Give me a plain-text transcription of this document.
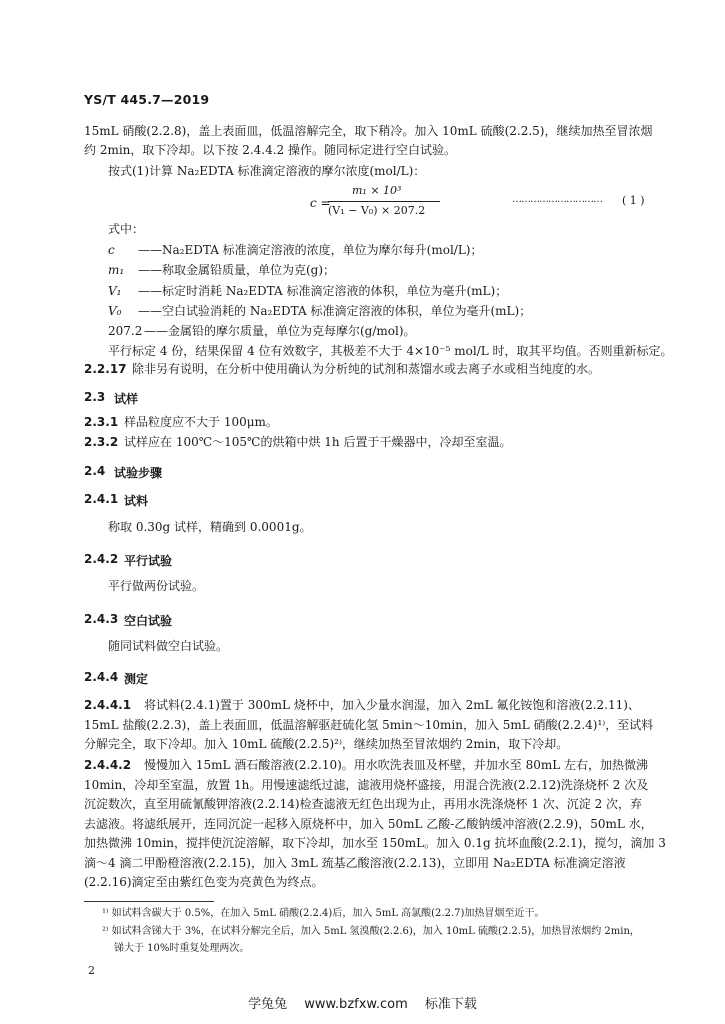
YS/T 445.7—2019
15mL 硝酸(2.2.8)，盖上表面皿，低温溶解完全，取下稍冷。加入 10mL 硫酸(2.2.5)，继续加热至冒浓烟
约 2min，取下冷却。以下按 2.4.4.2 操作。随同标定进行空白试验。
按式(1)计算 Na₂EDTA 标准滴定溶液的摩尔浓度(mol/L)：
c =
m₁ × 10³
(V₁ − V₀) × 207.2
………………………… ( 1 )
式中：
c ——Na₂EDTA 标准滴定溶液的浓度，单位为摩尔每升(mol/L)；
m₁ ——称取金属铅质量，单位为克(g)；
V₁ ——标定时消耗 Na₂EDTA 标准滴定溶液的体积，单位为毫升(mL)；
V₀ ——空白试验消耗的 Na₂EDTA 标准滴定溶液的体积，单位为毫升(mL)；
207.2 ——金属铅的摩尔质量，单位为克每摩尔(g/mol)。
平行标定 4 份，结果保留 4 位有效数字，其极差不大于 4×10⁻⁵ mol/L 时，取其平均值。否则重新标定。
2.2.17 除非另有说明，在分析中使用确认为分析纯的试剂和蒸馏水或去离子水或相当纯度的水。
2.3 试样
2.3.1 样品粒度应不大于 100μm。
2.3.2 试样应在 100℃～105℃的烘箱中烘 1h 后置于干燥器中，冷却至室温。
2.4 试验步骤
2.4.1 试料
称取 0.30g 试样，精确到 0.0001g。
2.4.2 平行试验
平行做两份试验。
2.4.3 空白试验
随同试料做空白试验。
2.4.4 测定
2.4.4.1 将试料(2.4.1)置于 300mL 烧杯中，加入少量水润湿，加入 2mL 氟化铵饱和溶液(2.2.11)、
15mL 盐酸(2.2.3)，盖上表面皿，低温溶解驱赶硫化氢 5min～10min，加入 5mL 硝酸(2.2.4)¹⁾，至试料
分解完全，取下冷却。加入 10mL 硫酸(2.2.5)²⁾，继续加热至冒浓烟约 2min，取下冷却。
2.4.4.2 慢慢加入 15mL 酒石酸溶液(2.2.10)。用水吹洗表皿及杯壁，并加水至 80mL 左右，加热微沸
10min，冷却至室温，放置 1h。用慢速滤纸过滤，滤液用烧杯盛接，用混合洗液(2.2.12)洗涤烧杯 2 次及
沉淀数次，直至用硫氰酸钾溶液(2.2.14)检查滤液无红色出现为止，再用水洗涤烧杯 1 次、沉淀 2 次，弃
去滤液。将滤纸展开，连同沉淀一起移入原烧杯中，加入 50mL 乙酸-乙酸钠缓冲溶液(2.2.9)，50mL 水，
加热微沸 10min，搅拌使沉淀溶解，取下冷却，加水至 150mL。加入 0.1g 抗坏血酸(2.2.1)，搅匀，滴加 3
滴～4 滴二甲酚橙溶液(2.2.15)，加入 3mL 巯基乙酸溶液(2.2.13)，立即用 Na₂EDTA 标准滴定溶液
(2.2.16)滴定至由紫红色变为亮黄色为终点。
¹⁾ 如试料含碳大于 0.5%，在加入 5mL 硝酸(2.2.4)后，加入 5mL 高氯酸(2.2.7)加热冒烟至近干。
²⁾ 如试料含锑大于 3%，在试料分解完全后，加入 5mL 氢溴酸(2.2.6)，加入 10mL 硫酸(2.2.5)，加热冒浓烟约 2min，
锑大于 10%时重复处理两次。
2
学兔兔　 www.bzfxw.com　 标准下载
